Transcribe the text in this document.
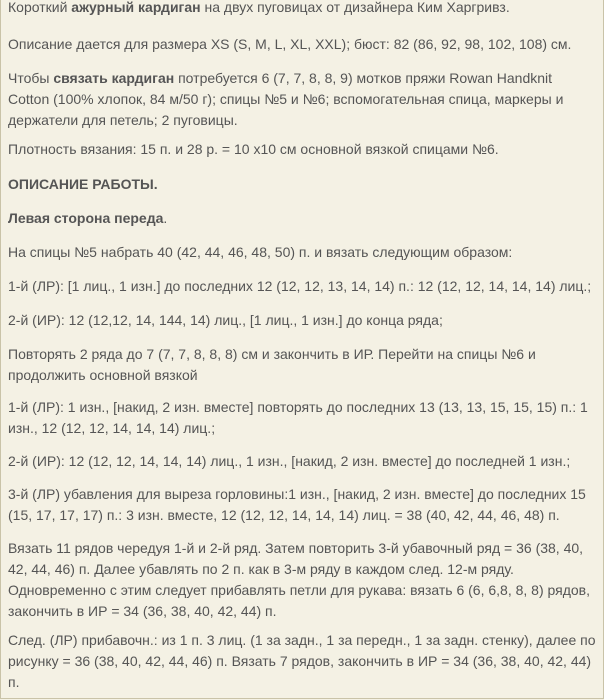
Короткий ажурный кардиган на двух пуговицах от дизайнера Ким Харгривз.

Описание дается для размера XS (S, M, L, XL, XXL); бюст: 82 (86, 92, 98, 102, 108) см.

Чтобы связать кардиган потребуется 6 (7, 7, 8, 8, 9) мотков пряжи Rowan Handknit Cotton (100% хлопок, 84 м/50 г); спицы №5 и №6; вспомогательная спица, маркеры и держатели для петель; 2 пуговицы.

Плотность вязания: 15 п. и 28 р. = 10 х10 см основной вязкой спицами №6.

ОПИСАНИЕ РАБОТЫ.

Левая сторона переда.

На спицы №5 набрать 40 (42, 44, 46, 48, 50) п. и вязать следующим образом:

1-й (ЛР): [1 лиц., 1 изн.] до последних 12 (12, 12, 13, 14, 14) п.: 12 (12, 12, 14, 14, 14) лиц.;

2-й (ИР): 12 (12,12, 14, 144, 14) лиц., [1 лиц., 1 изн.] до конца ряда;

Повторять 2 ряда до 7 (7, 7, 8, 8, 8) см и закончить в ИР. Перейти на спицы №6 и продолжить основной вязкой

1-й (ЛР): 1 изн., [накид, 2 изн. вместе] повторять до последних 13 (13, 13, 15, 15, 15) п.: 1 изн., 12 (12, 12, 14, 14, 14) лиц.;

2-й (ИР): 12 (12, 12, 14, 14, 14) лиц., 1 изн., [накид, 2 изн. вместе] до последней 1 изн.;

3-й (ЛР) убавления для выреза горловины:1 изн., [накид, 2 изн. вместе] до последних 15 (15, 17, 17, 17) п.: 3 изн. вместе, 12 (12, 12, 14, 14, 14) лиц. = 38 (40, 42, 44, 46, 48) п.

Вязать 11 рядов чередуя 1-й и 2-й ряд. Затем повторить 3-й убавочный ряд = 36 (38, 40, 42, 44, 46) п. Далее убавлять по 2 п. как в 3-м ряду в каждом след. 12-м ряду. Одновременно с этим следует прибавлять петли для рукава: вязать 6 (6, 6,8, 8, 8) рядов, закончить в ИР = 34 (36, 38, 40, 42, 44) п.

След. (ЛР) прибавочн.: из 1 п. 3 лиц. (1 за задн., 1 за передн., 1 за задн. стенку), далее по рисунку = 36 (38, 40, 42, 44, 46) п. Вязать 7 рядов, закончить в ИР = 34 (36, 38, 40, 42, 44) п.
